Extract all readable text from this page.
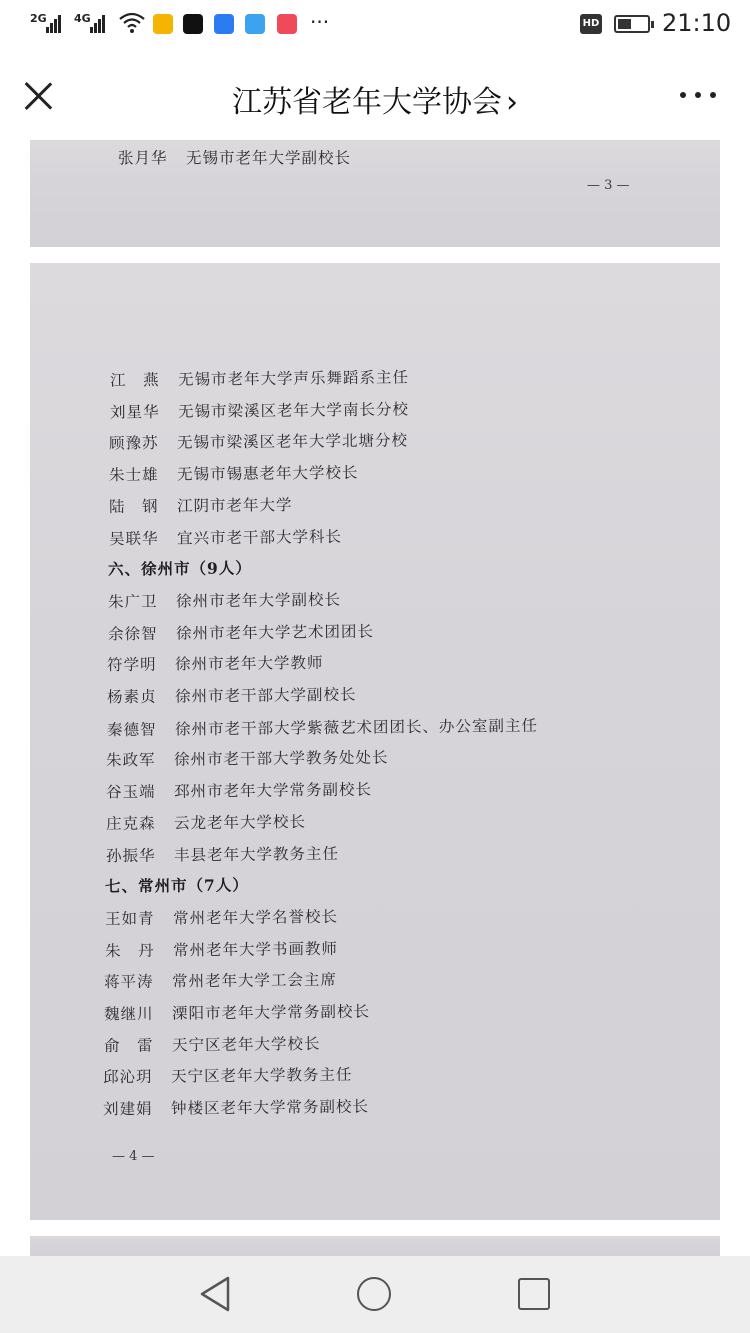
2G 4G	···	HD	21:10
江苏省老年大学协会 ›
张月华 无锡市老年大学副校长
— 3 —
江　燕 无锡市老年大学声乐舞蹈系主任
刘星华 无锡市梁溪区老年大学南长分校
顾豫苏 无锡市梁溪区老年大学北塘分校
朱士雄 无锡市锡惠老年大学校长
陆　钢 江阴市老年大学
吴联华 宜兴市老干部大学科长
六、徐州市（9人）
朱广卫 徐州市老年大学副校长
余徐智 徐州市老年大学艺术团团长
符学明 徐州市老年大学教师
杨素贞 徐州市老干部大学副校长
秦德智 徐州市老干部大学紫薇艺术团团长、办公室副主任
朱政军 徐州市老干部大学教务处处长
谷玉端 邳州市老年大学常务副校长
庄克森 云龙老年大学校长
孙振华 丰县老年大学教务主任
七、常州市（7人）
王如青 常州老年大学名誉校长
朱　丹 常州老年大学书画教师
蒋平涛 常州老年大学工会主席
魏继川 溧阳市老年大学常务副校长
俞　雷 天宁区老年大学校长
邱沁玥 天宁区老年大学教务主任
刘建娟 钟楼区老年大学常务副校长
— 4 —
